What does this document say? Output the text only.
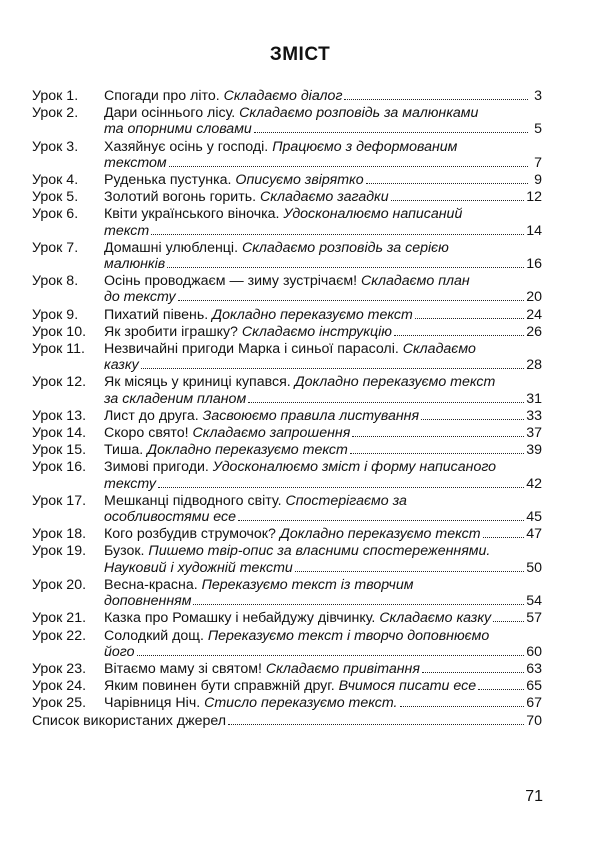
ЗМІСТ
Урок 1.	Спогади про літо. Складаємо діалог	3
Урок 2.	Дари осіннього лісу. Складаємо розповідь за малюнками
та опорними словами	5
Урок 3.	Хазяйнує осінь у господі. Працюємо з деформованим
текстом	7
Урок 4.	Руденька пустунка. Описуємо звірятко	9
Урок 5.	Золотий вогонь горить. Складаємо загадки	12
Урок 6.	Квіти українського віночка. Удосконалюємо написаний
текст	14
Урок 7.	Домашні улюбленці. Складаємо розповідь за серією
малюнків	16
Урок 8.	Осінь проводжаєм — зиму зустрічаєм! Складаємо план
до тексту	20
Урок 9.	Пихатий півень. Докладно переказуємо текст	24
Урок 10.	Як зробити іграшку? Складаємо інструкцію	26
Урок 11.	Незвичайні пригоди Марка і синьої парасолі. Складаємо
казку	28
Урок 12.	Як місяць у криниці купався. Докладно переказуємо текст
за складеним планом	31
Урок 13.	Лист до друга. Засвоюємо правила листування	33
Урок 14.	Скоро свято! Складаємо запрошення	37
Урок 15.	Тиша. Докладно переказуємо текст	39
Урок 16.	Зимові пригоди. Удосконалюємо зміст і форму написаного
тексту	42
Урок 17.	Мешканці підводного світу. Спостерігаємо за
особливостями есе	45
Урок 18.	Кого розбудив струмочок? Докладно переказуємо текст	47
Урок 19.	Бузок. Пишемо твір-опис за власними спостереженнями.
Науковий і художній тексти	50
Урок 20.	Весна-красна. Переказуємо текст із творчим
доповненням	54
Урок 21.	Казка про Ромашку і небайдужу дівчинку. Складаємо казку 57
Урок 22.	Солодкий дощ. Переказуємо текст і творчо доповнюємо
його	60
Урок 23.	Вітаємо маму зі святом! Складаємо привітання	63
Урок 24.	Яким повинен бути справжній друг. Вчимося писати есе	65
Урок 25.	Чарівниця Ніч. Стисло переказуємо текст.	67
Список використаних джерел	70
71
